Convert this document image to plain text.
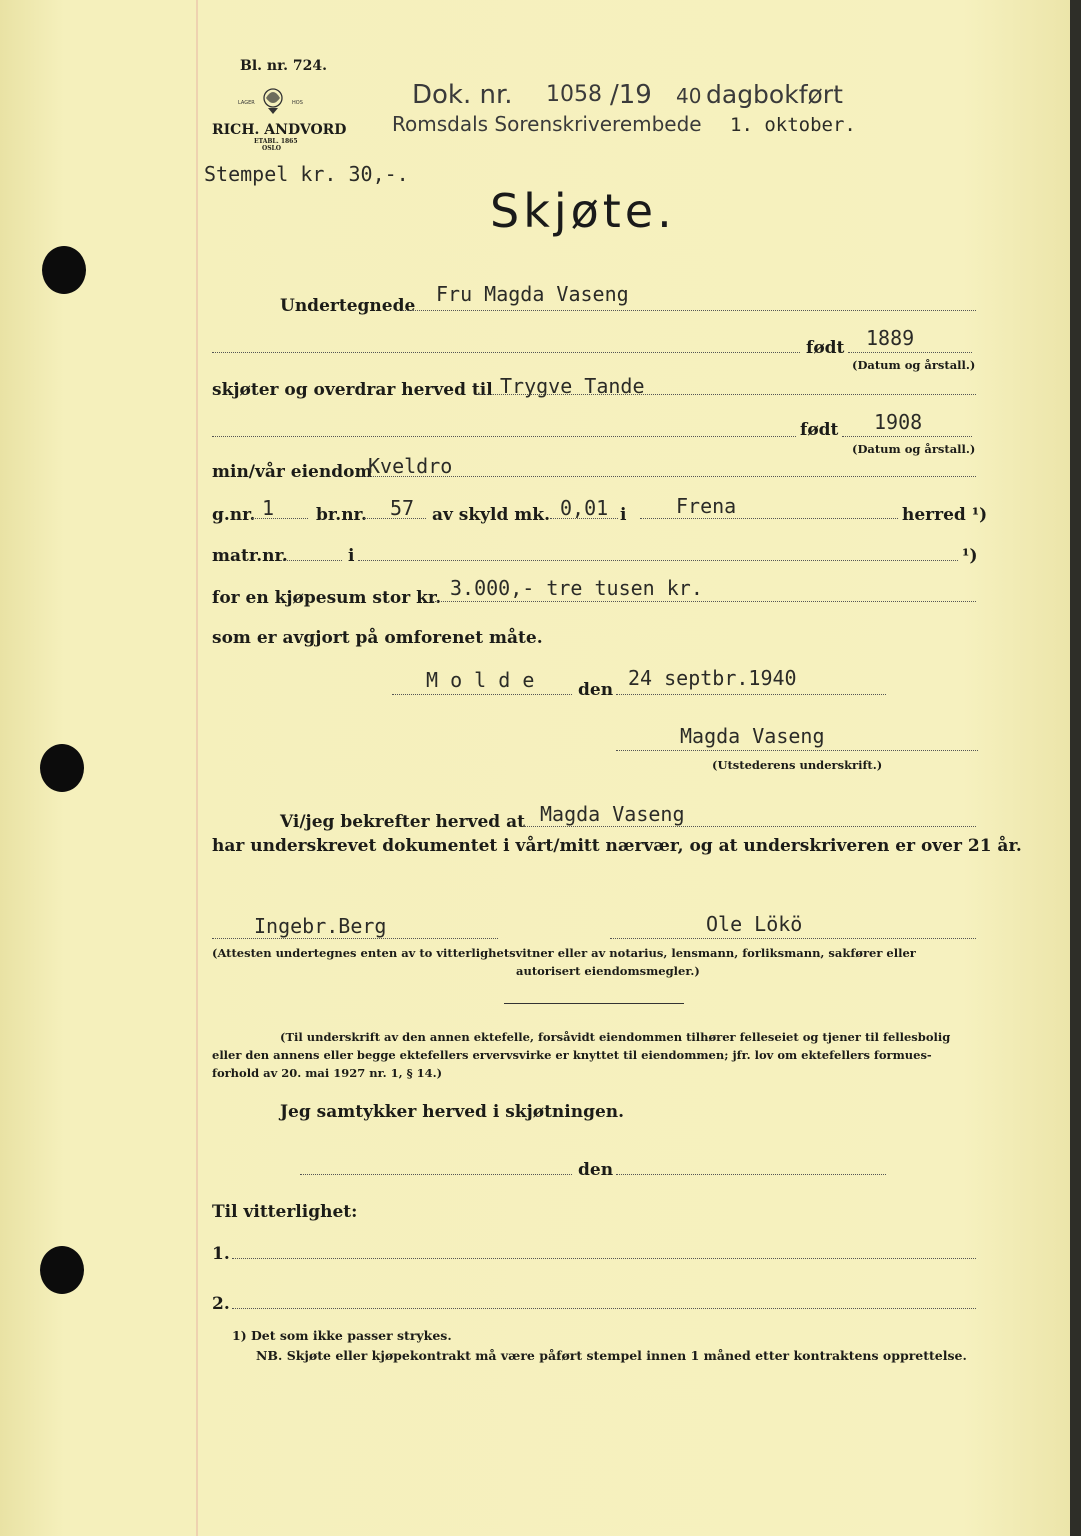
Bl. nr. 724.
LAGER	HOS
RICH. ANDVORD
ETABL. 1865
OSLO
Dok. nr. 1058 /19 40 dagbokført
Romsdals Sorenskriverembede 1. oktober.
Stempel kr. 30,-.
Skjøte.
Undertegnede Fru Magda Vaseng
født 1889
(Datum og årstall.)
skjøter og overdrar herved til Trygve Tande
født 1908
(Datum og årstall.)
min/vår eiendom
Kveldro
g.nr. 1 br.nr. 57 av skyld mk. 0,01 i Frena	herred ¹)
matr.nr.	i	¹)
for en kjøpesum stor kr. 3.000,- tre tusen kr.
som er avgjort på omforenet måte.
M o l d e	den 24 septbr.1940
Magda Vaseng
(Utstederens underskrift.)
Vi/jeg bekrefter herved at Magda Vaseng
har underskrevet dokumentet i vårt/mitt nærvær, og at underskriveren er over 21 år.
Ingebr.Berg	Ole Lökö
(Attesten undertegnes enten av to vitterlighetsvitner eller av notarius, lensmann, forliksmann, sakfører eller
autorisert eiendomsmegler.)
(Til underskrift av den annen ektefelle, forsåvidt eiendommen tilhører felleseiet og tjener til fellesbolig
eller den annens eller begge ektefellers ervervsvirke er knyttet til eiendommen; jfr. lov om ektefellers formues-
forhold av 20. mai 1927 nr. 1, § 14.)
Jeg samtykker herved i skjøtningen.
den
Til vitterlighet:
1.
2.
1) Det som ikke passer strykes.
NB. Skjøte eller kjøpekontrakt må være påført stempel innen 1 måned etter kontraktens opprettelse.
